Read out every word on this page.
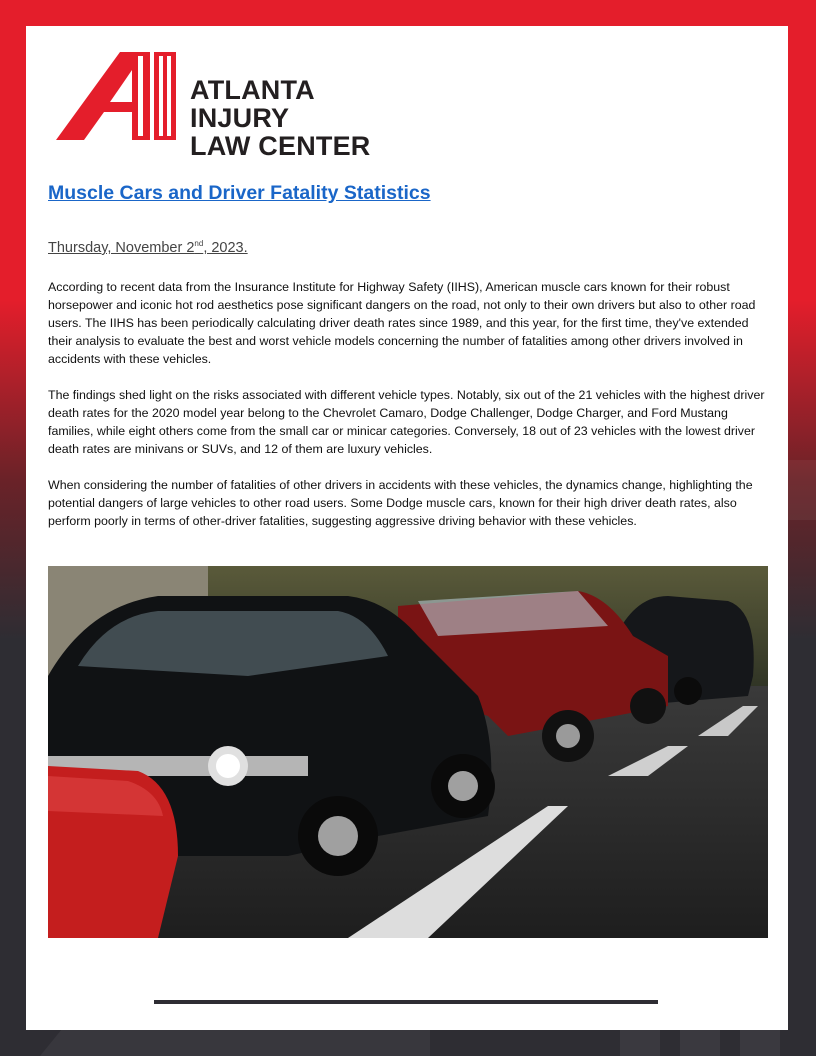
ATLANTA
INJURY
LAW CENTER
Muscle Cars and Driver Fatality Statistics

Thursday, November 2nd, 2023.

According to recent data from the Insurance Institute for Highway Safety (IIHS), American muscle cars known for their robust horsepower and iconic hot rod aesthetics pose significant dangers on the road, not only to their own drivers but also to other road users. The IIHS has been periodically calculating driver death rates since 1989, and this year, for the first time, they've extended their analysis to evaluate the best and worst vehicle models concerning the number of fatalities among other drivers involved in accidents with these vehicles.

The findings shed light on the risks associated with different vehicle types. Notably, six out of the 21 vehicles with the highest driver death rates for the 2020 model year belong to the Chevrolet Camaro, Dodge Challenger, Dodge Charger, and Ford Mustang families, while eight others come from the small car or minicar categories. Conversely, 18 out of 23 vehicles with the lowest driver death rates are minivans or SUVs, and 12 of them are luxury vehicles.

When considering the number of fatalities of other drivers in accidents with these vehicles, the dynamics change, highlighting the potential dangers of large vehicles to other road users. Some Dodge muscle cars, known for their high driver death rates, also perform poorly in terms of other-driver fatalities, suggesting aggressive driving behavior with these vehicles.
